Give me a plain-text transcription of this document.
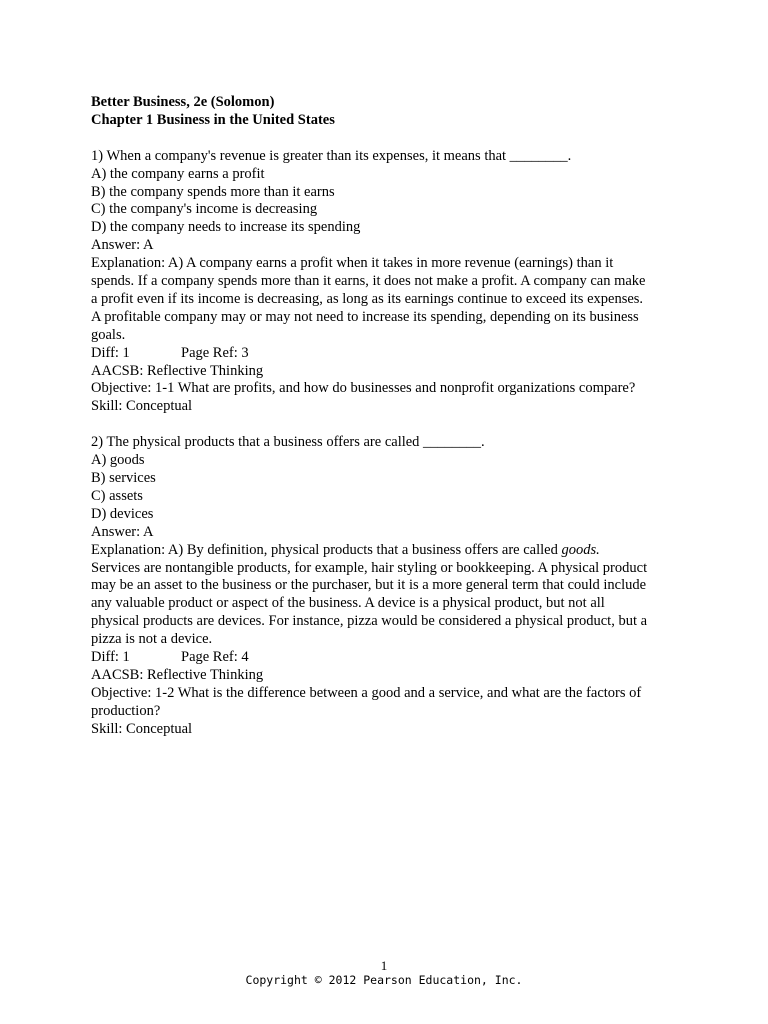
Better Business, 2e (Solomon)
Chapter 1 Business in the United States
1) When a company's revenue is greater than its expenses, it means that ________.
A) the company earns a profit
B) the company spends more than it earns
C) the company's income is decreasing
D) the company needs to increase its spending
Answer: A
Explanation: A) A company earns a profit when it takes in more revenue (earnings) than it
spends. If a company spends more than it earns, it does not make a profit. A company can make
a profit even if its income is decreasing, as long as its earnings continue to exceed its expenses.
A profitable company may or may not need to increase its spending, depending on its business
goals.
Diff: 1	Page Ref: 3
AACSB: Reflective Thinking
Objective: 1-1 What are profits, and how do businesses and nonprofit organizations compare?
Skill: Conceptual
2) The physical products that a business offers are called ________.
A) goods
B) services
C) assets
D) devices
Answer: A
Explanation: A) By definition, physical products that a business offers are called goods.
Services are nontangible products, for example, hair styling or bookkeeping. A physical product
may be an asset to the business or the purchaser, but it is a more general term that could include
any valuable product or aspect of the business. A device is a physical product, but not all
physical products are devices. For instance, pizza would be considered a physical product, but a
pizza is not a device.
Diff: 1	Page Ref: 4
AACSB: Reflective Thinking
Objective: 1-2 What is the difference between a good and a service, and what are the factors of
production?
Skill: Conceptual
1
Copyright © 2012 Pearson Education, Inc.
